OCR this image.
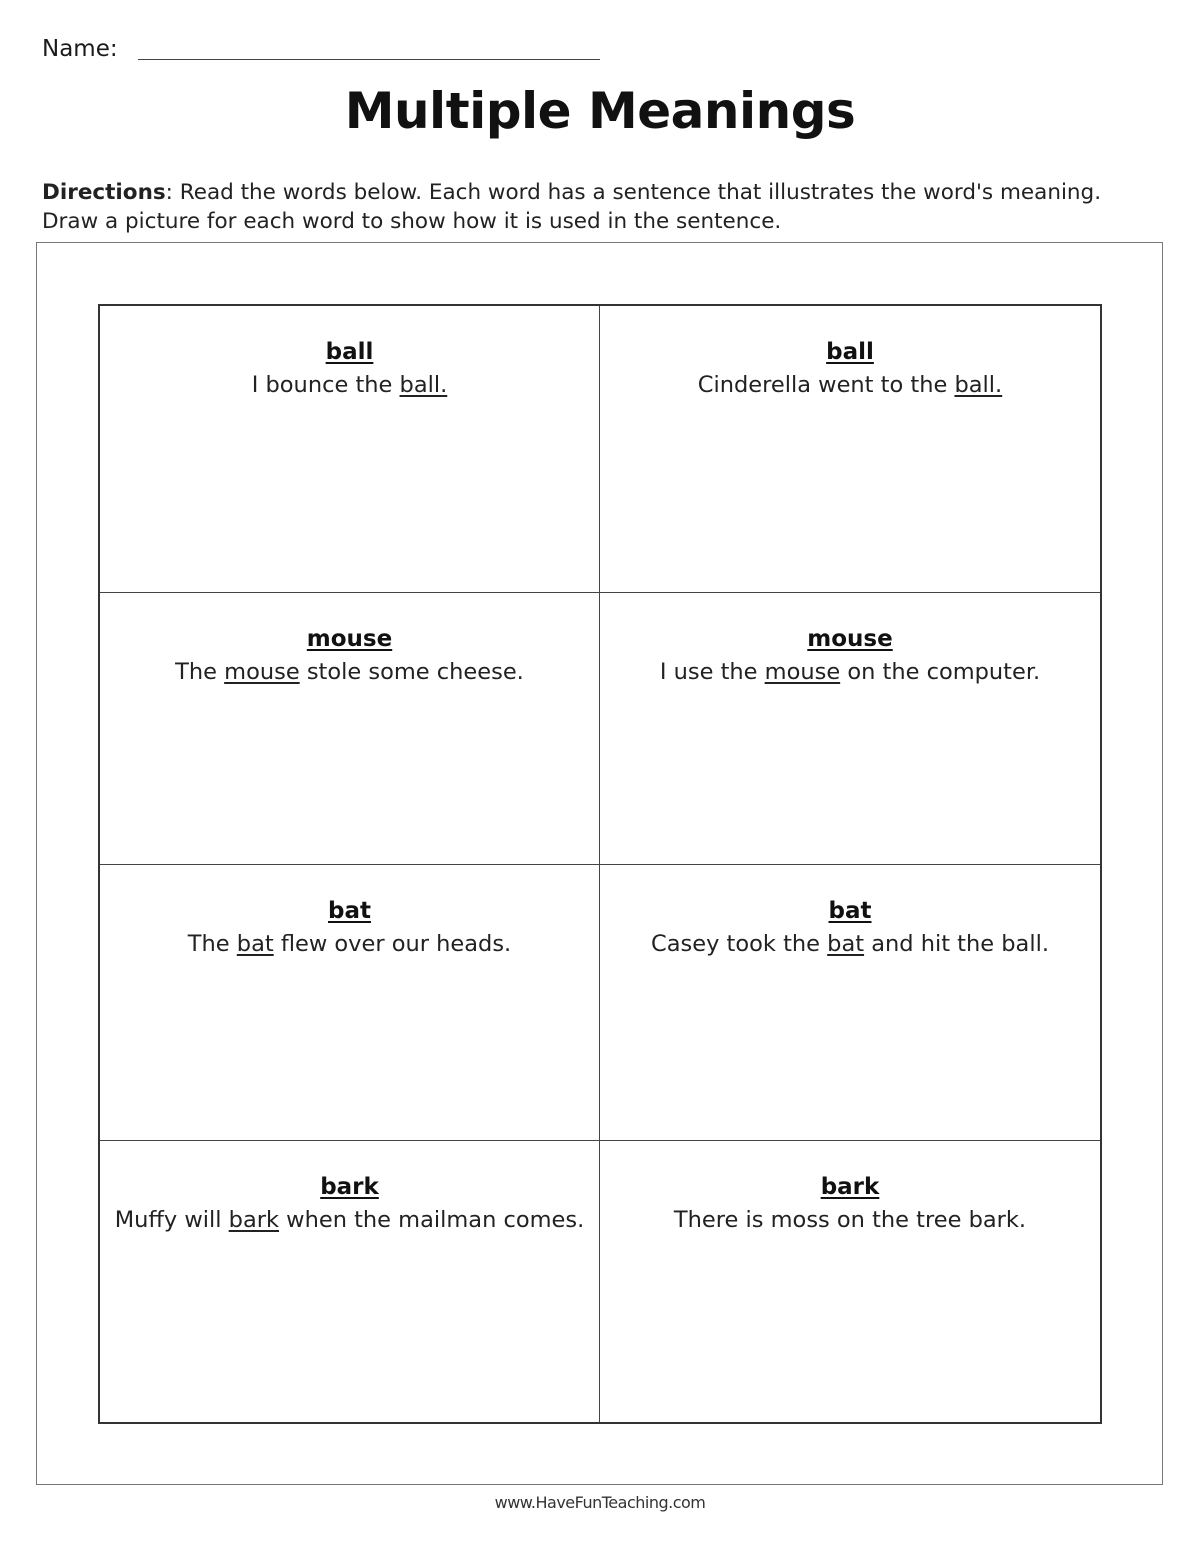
Name:
Multiple Meanings
Directions: Read the words below. Each word has a sentence that illustrates the word's meaning. Draw a picture for each word to show how it is used in the sentence.
ball
I bounce the ball.
ball
Cinderella went to the ball.
mouse
The mouse stole some cheese.
mouse
I use the mouse on the computer.
bat
The bat flew over our heads.
bat
Casey took the bat and hit the ball.
bark
Muffy will bark when the mailman comes.
bark
There is moss on the tree bark.
www.HaveFunTeaching.com
